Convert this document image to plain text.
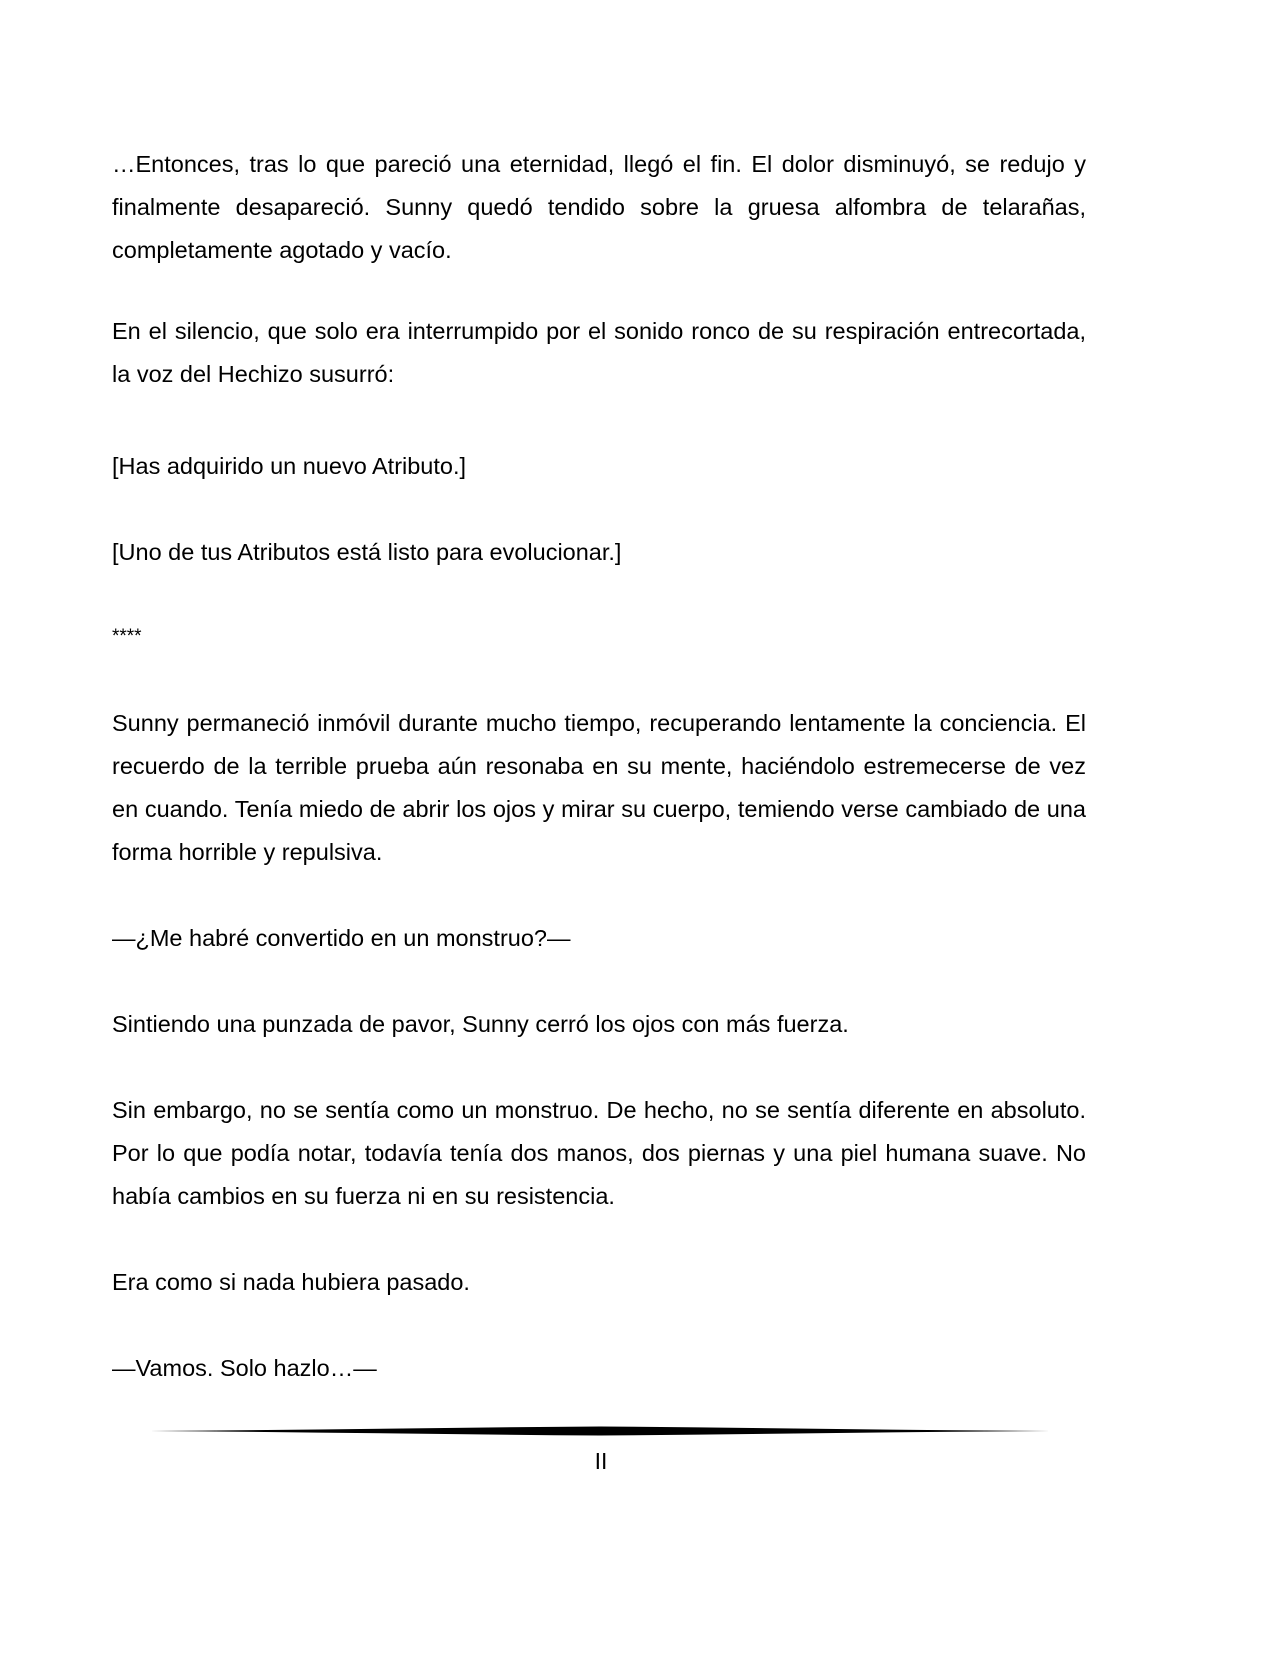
…Entonces, tras lo que pareció una eternidad, llegó el fin. El dolor disminuyó, se redujo y finalmente desapareció. Sunny quedó tendido sobre la gruesa alfombra de telarañas, completamente agotado y vacío.

En el silencio, que solo era interrumpido por el sonido ronco de su respiración entrecortada, la voz del Hechizo susurró:

[Has adquirido un nuevo Atributo.]

[Uno de tus Atributos está listo para evolucionar.]

****

Sunny permaneció inmóvil durante mucho tiempo, recuperando lentamente la conciencia. El recuerdo de la terrible prueba aún resonaba en su mente, haciéndolo estremecerse de vez en cuando. Tenía miedo de abrir los ojos y mirar su cuerpo, temiendo verse cambiado de una forma horrible y repulsiva.

—¿Me habré convertido en un monstruo?—

Sintiendo una punzada de pavor, Sunny cerró los ojos con más fuerza.

Sin embargo, no se sentía como un monstruo. De hecho, no se sentía diferente en absoluto. Por lo que podía notar, todavía tenía dos manos, dos piernas y una piel humana suave. No había cambios en su fuerza ni en su resistencia.

Era como si nada hubiera pasado.

—Vamos. Solo hazlo…—

II
